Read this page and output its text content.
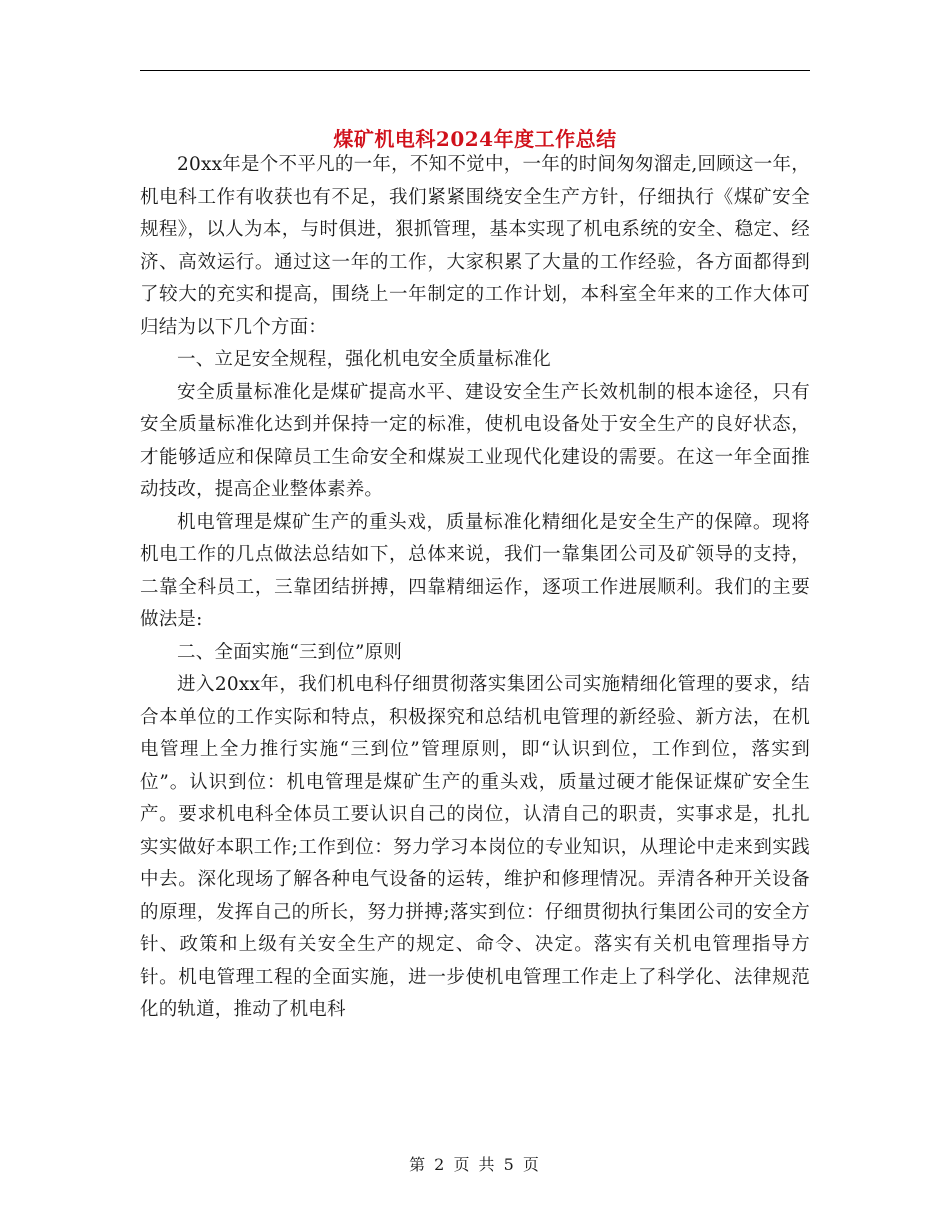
煤矿机电科2024年度工作总结

20xx年是个不平凡的一年，不知不觉中，一年的时间匆匆溜走,回顾这一年，机电科工作有收获也有不足，我们紧紧围绕安全生产方针，仔细执行《煤矿安全规程》，以人为本，与时俱进，狠抓管理，基本实现了机电系统的安全、稳定、经济、高效运行。通过这一年的工作，大家积累了大量的工作经验，各方面都得到了较大的充实和提高，围绕上一年制定的工作计划，本科室全年来的工作大体可归结为以下几个方面：

一、立足安全规程，强化机电安全质量标准化

安全质量标准化是煤矿提高水平、建设安全生产长效机制的根本途径，只有安全质量标准化达到并保持一定的标准，使机电设备处于安全生产的良好状态，才能够适应和保障员工生命安全和煤炭工业现代化建设的需要。在这一年全面推动技改，提高企业整体素养。

机电管理是煤矿生产的重头戏，质量标准化精细化是安全生产的保障。现将机电工作的几点做法总结如下，总体来说，我们一靠集团公司及矿领导的支持，二靠全科员工，三靠团结拼搏，四靠精细运作，逐项工作进展顺利。我们的主要做法是:

二、全面实施“三到位”原则

进入20xx年，我们机电科仔细贯彻落实集团公司实施精细化管理的要求，结合本单位的工作实际和特点，积极探究和总结机电管理的新经验、新方法，在机电管理上全力推行实施“三到位”管理原则，即“认识到位，工作到位，落实到位”。认识到位：机电管理是煤矿生产的重头戏，质量过硬才能保证煤矿安全生产。要求机电科全体员工要认识自己的岗位，认清自己的职责，实事求是，扎扎实实做好本职工作;工作到位：努力学习本岗位的专业知识，从理论中走来到实践中去。深化现场了解各种电气设备的运转，维护和修理情况。弄清各种开关设备的原理，发挥自己的所长，努力拼搏;落实到位：仔细贯彻执行集团公司的安全方针、政策和上级有关安全生产的规定、命令、决定。落实有关机电管理指导方针。机电管理工程的全面实施，进一步使机电管理工作走上了科学化、法律规范化的轨道，推动了机电科

第 2 页 共 5 页
